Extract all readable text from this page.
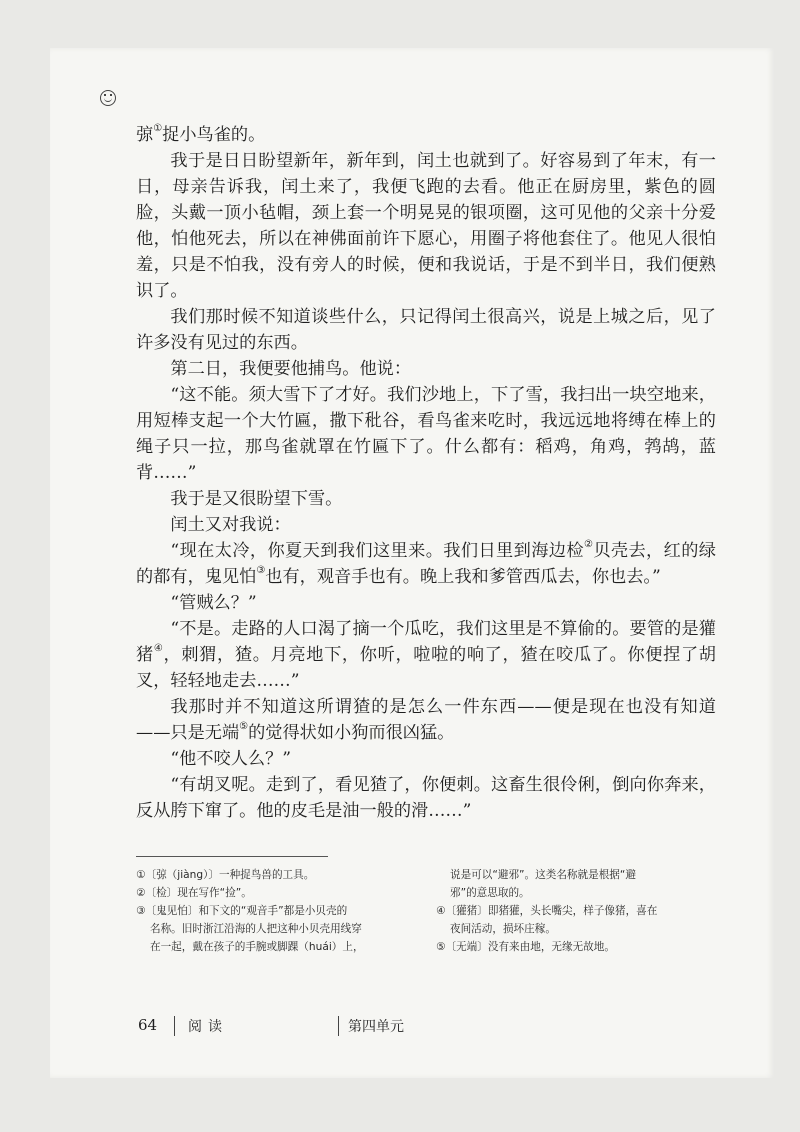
弶①捉小鸟雀的。

我于是日日盼望新年，新年到，闰土也就到了。好容易到了年末，有一日，母亲告诉我，闰土来了，我便飞跑的去看。他正在厨房里，紫色的圆脸，头戴一顶小毡帽，颈上套一个明晃晃的银项圈，这可见他的父亲十分爱他，怕他死去，所以在神佛面前许下愿心，用圈子将他套住了。他见人很怕羞，只是不怕我，没有旁人的时候，便和我说话，于是不到半日，我们便熟识了。

我们那时候不知道谈些什么，只记得闰土很高兴，说是上城之后，见了许多没有见过的东西。

第二日，我便要他捕鸟。他说：

“这不能。须大雪下了才好。我们沙地上，下了雪，我扫出一块空地来，用短棒支起一个大竹匾，撒下秕谷，看鸟雀来吃时，我远远地将缚在棒上的绳子只一拉，那鸟雀就罩在竹匾下了。什么都有：稻鸡，角鸡，鹁鸪，蓝背……”

我于是又很盼望下雪。

闰土又对我说：

“现在太冷，你夏天到我们这里来。我们日里到海边检②贝壳去，红的绿的都有，鬼见怕③也有，观音手也有。晚上我和爹管西瓜去，你也去。”

“管贼么？”

“不是。走路的人口渴了摘一个瓜吃，我们这里是不算偷的。要管的是獾猪④，刺猬，猹。月亮地下，你听，啦啦的响了，猹在咬瓜了。你便捏了胡叉，轻轻地走去……”

我那时并不知道这所谓猹的是怎么一件东西——便是现在也没有知道——只是无端⑤的觉得状如小狗而很凶猛。

“他不咬人么？”

“有胡叉呢。走到了，看见猹了，你便刺。这畜生很伶俐，倒向你奔来，反从胯下窜了。他的皮毛是油一般的滑……”

①〔弶（jiàng）〕一种捉鸟兽的工具。

②〔检〕现在写作“捡”。

③〔鬼见怕〕和下文的“观音手”都是小贝壳的

名称。旧时浙江沿海的人把这种小贝壳用线穿

在一起，戴在孩子的手腕或脚踝（huái）上，

说是可以“避邪”。这类名称就是根据“避

邪”的意思取的。

④〔獾猪〕即猪獾，头长嘴尖，样子像猪，喜在

夜间活动，损坏庄稼。

⑤〔无端〕没有来由地，无缘无故地。

64 阅读	第四单元
